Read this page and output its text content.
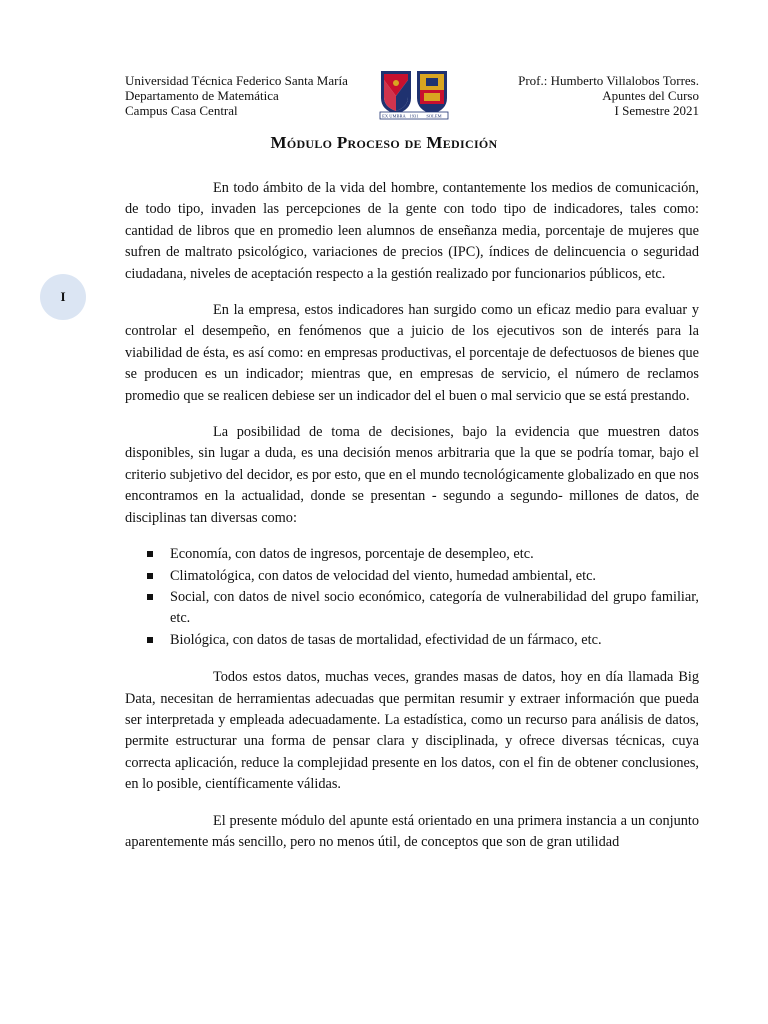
Universidad Técnica Federico Santa María
Departamento de Matemática
Campus Casa Central	EX UMBRA 1931 SOLEM
Prof.: Humberto Villalobos Torres.
Apuntes del Curso
I Semestre 2021
Módulo Proceso de Medición
I

En todo ámbito de la vida del hombre, contantemente los medios de comunicación, de todo tipo, invaden las percepciones de la gente con todo tipo de indicadores, tales como: cantidad de libros que en promedio leen alumnos de enseñanza media, porcentaje de mujeres que sufren de maltrato psicológico, variaciones de precios (IPC), índices de delincuencia o seguridad ciudadana, niveles de aceptación respecto a la gestión realizado por funcionarios públicos, etc.

En la empresa, estos indicadores han surgido como un eficaz medio para evaluar y controlar el desempeño, en fenómenos que a juicio de los ejecutivos son de interés para la viabilidad de ésta, es así como: en empresas productivas, el porcentaje de defectuosos de bienes que se producen es un indicador; mientras que, en empresas de servicio, el número de reclamos promedio que se realicen debiese ser un indicador del el buen o mal servicio que se está prestando.

La posibilidad de toma de decisiones, bajo la evidencia que muestren datos disponibles, sin lugar a duda, es una decisión menos arbitraria que la que se podría tomar, bajo el criterio subjetivo del decidor, es por esto, que en el mundo tecnológicamente globalizado en que nos encontramos en la actualidad, donde se presentan - segundo a segundo- millones de datos, de disciplinas tan diversas como:

Economía, con datos de ingresos, porcentaje de desempleo, etc.
Climatológica, con datos de velocidad del viento, humedad ambiental, etc.
Social, con datos de nivel socio económico, categoría de vulnerabilidad del grupo familiar, etc.
Biológica, con datos de tasas de mortalidad, efectividad de un fármaco, etc.

Todos estos datos, muchas veces, grandes masas de datos, hoy en día llamada Big Data, necesitan de herramientas adecuadas que permitan resumir y extraer información que pueda ser interpretada y empleada adecuadamente. La estadística, como un recurso para análisis de datos, permite estructurar una forma de pensar clara y disciplinada, y ofrece diversas técnicas, cuya correcta aplicación, reduce la complejidad presente en los datos, con el fin de obtener conclusiones, en lo posible, científicamente válidas.

El presente módulo del apunte está orientado en una primera instancia a un conjunto aparentemente más sencillo, pero no menos útil, de conceptos que son de gran utilidad
